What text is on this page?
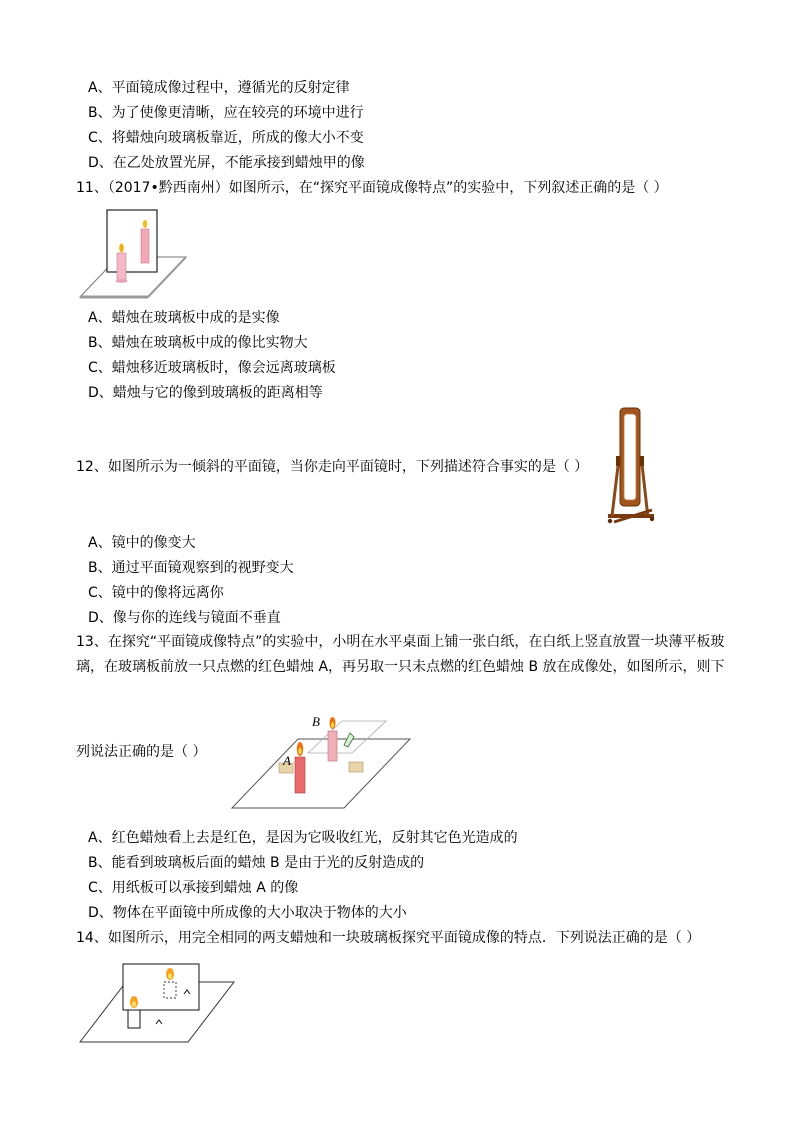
A、平面镜成像过程中，遵循光的反射定律
B、为了使像更清晰，应在较亮的环境中进行
C、将蜡烛向玻璃板靠近，所成的像大小不变
D、在乙处放置光屏，不能承接到蜡烛甲的像
11、（2017•黔西南州）如图所示，在“探究平面镜成像特点”的实验中，下列叙述正确的是（ ）
A、蜡烛在玻璃板中成的是实像
B、蜡烛在玻璃板中成的像比实物大
C、蜡烛移近玻璃板时，像会远离玻璃板
D、蜡烛与它的像到玻璃板的距离相等
12、如图所示为一倾斜的平面镜，当你走向平面镜时，下列描述符合事实的是（ ）
A、镜中的像变大
B、通过平面镜观察到的视野变大
C、镜中的像将远离你
D、像与你的连线与镜面不垂直
13、在探究“平面镜成像特点”的实验中，小明在水平桌面上铺一张白纸，在白纸上竖直放置一块薄平板玻
璃，在玻璃板前放一只点燃的红色蜡烛 A，再另取一只未点燃的红色蜡烛 B 放在成像处，如图所示，则下
列说法正确的是（ ）
B
A
A、红色蜡烛看上去是红色，是因为它吸收红光，反射其它色光造成的
B、能看到玻璃板后面的蜡烛 B 是由于光的反射造成的
C、用纸板可以承接到蜡烛 A 的像
D、物体在平面镜中所成像的大小取决于物体的大小
14、如图所示，用完全相同的两支蜡烛和一块玻璃板探究平面镜成像的特点．下列说法正确的是（ ）
